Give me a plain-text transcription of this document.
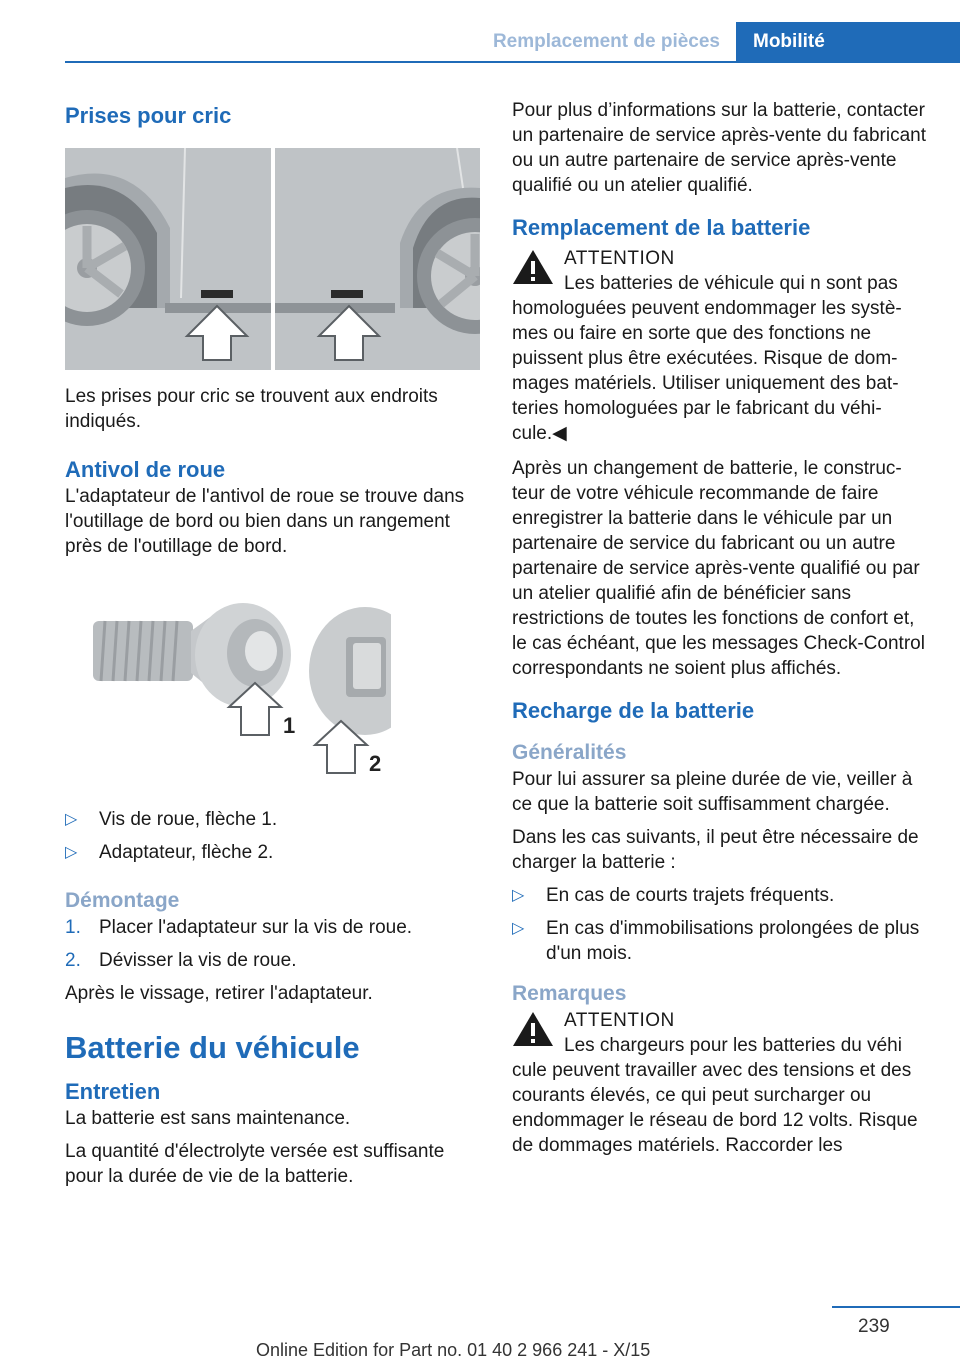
Remplacement de pièces	Mobilité
Prises pour cric

Les prises pour cric se trouvent aux endroits indiqués.

Antivol de roue

L'adaptateur de l'antivol de roue se trouve dans l'outillage de bord ou bien dans un rangement près de l'outillage de bord.

1
2
▷ Vis de roue, flèche 1.
▷ Adaptateur, flèche 2.
Démontage
1. Placer l'adaptateur sur la vis de roue.
2. Dévisser la vis de roue.

Après le vissage, retirer l'adaptateur.

Batterie du véhicule
Entretien

La batterie est sans maintenance.

La quantité d'électrolyte versée est suffisante pour la durée de vie de la batterie.

Pour plus d’informations sur la batterie, contacter un partenaire de service après-vente du fabricant ou un autre partenaire de service après-vente qualifié ou un atelier qualifié.

Remplacement de la batterie
ATTENTION
Les batteries de véhicule qui n sont pas
homologuées peuvent endommager les systèmes ou faire en sorte que des fonctions ne puissent plus être exécutées. Risque de dommages matériels. Utiliser uniquement des batteries homologuées par le fabricant du véhicule.◀

Après un changement de batterie, le constructeur de votre véhicule recommande de faire enregistrer la batterie dans le véhicule par un partenaire de service du fabricant ou un autre partenaire de service après-vente qualifié ou par un atelier qualifié afin de bénéficier sans restrictions de toutes les fonctions de confort et, le cas échéant, que les messages Check-Control correspondants ne soient plus affichés.

Recharge de la batterie
Généralités

Pour lui assurer sa pleine durée de vie, veiller à ce que la batterie soit suffisamment chargée.

Dans les cas suivants, il peut être nécessaire de charger la batterie :

▷ En cas de courts trajets fréquents.
▷ En cas d'immobilisations prolongées de plus d'un mois.
Remarques
ATTENTION
Les chargeurs pour les batteries du véhi
cule peuvent travailler avec des tensions et des courants élevés, ce qui peut surcharger ou endommager le réseau de bord 12 volts. Risque de dommages matériels. Raccorder les
239
Online Edition for Part no. 01 40 2 966 241 - X/15
